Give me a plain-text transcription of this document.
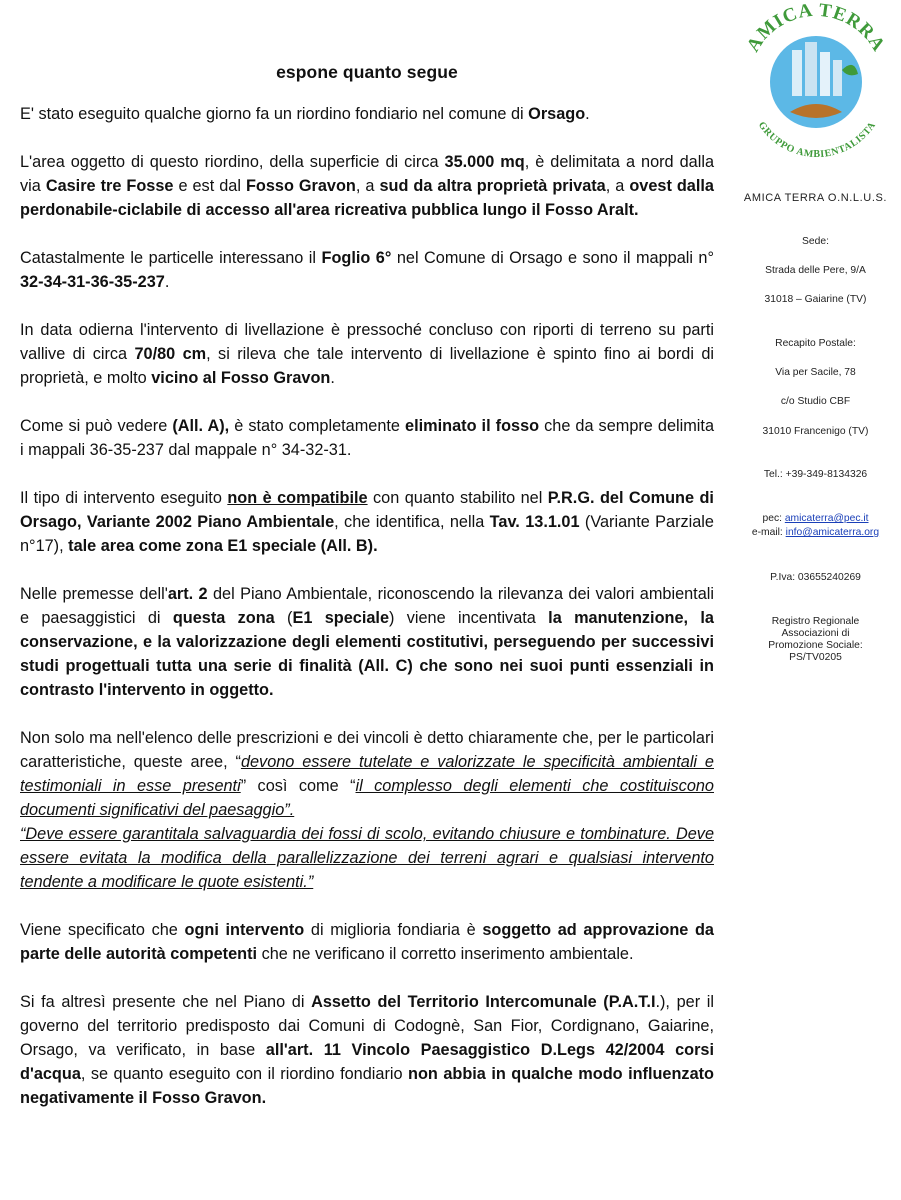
espone quanto segue

E' stato eseguito qualche giorno fa un riordino fondiario nel comune di Orsago.

L'area oggetto di questo riordino, della superficie di circa 35.000 mq, è delimitata a nord dalla via Casire tre Fosse e est dal Fosso Gravon, a sud da altra proprietà privata, a ovest dalla perdonabile-ciclabile di accesso all'area ricreativa pubblica lungo il Fosso Aralt.

Catastalmente le particelle interessano il Foglio 6° nel Comune di Orsago e sono il mappali n° 32-34-31-36-35-237.

In data odierna l'intervento di livellazione è pressoché concluso con riporti di terreno su parti vallive di circa 70/80 cm, si rileva che tale intervento di livellazione è spinto fino ai bordi di proprietà, e molto vicino al Fosso Gravon.

Come si può vedere (All. A), è stato completamente eliminato il fosso che da sempre delimita i mappali 36-35-237 dal mappale n° 34-32-31.

Il tipo di intervento eseguito non è compatibile con quanto stabilito nel P.R.G. del Comune di Orsago, Variante 2002 Piano Ambientale, che identifica, nella Tav. 13.1.01 (Variante Parziale n°17), tale area come zona E1 speciale (All. B).

Nelle premesse dell'art. 2 del Piano Ambientale, riconoscendo la rilevanza dei valori ambientali e paesaggistici di questa zona (E1 speciale) viene incentivata la manutenzione, la conservazione, e la valorizzazione degli elementi costitutivi, perseguendo per successivi studi progettuali tutta una serie di finalità (All. C) che sono nei suoi punti essenziali in contrasto l'intervento in oggetto.

Non solo ma nell'elenco delle prescrizioni e dei vincoli è detto chiaramente che, per le particolari caratteristiche, queste aree, “devono essere tutelate e valorizzate le specificità ambientali e testimoniali in esse presenti” così come “il complesso degli elementi che costituiscono documenti significativi del paesaggio”.

“Deve essere garantitala salvaguardia dei fossi di scolo, evitando chiusure e tombinature. Deve essere evitata la modifica della parallelizzazione dei terreni agrari e qualsiasi intervento tendente a modificare le quote esistenti.”

Viene specificato che ogni intervento di miglioria fondiaria è soggetto ad approvazione da parte delle autorità competenti che ne verificano il corretto inserimento ambientale.

Si fa altresì presente che nel Piano di Assetto del Territorio Intercomunale (P.A.T.I.), per il governo del territorio predisposto dai Comuni di Codognè, San Fior, Cordignano, Gaiarine, Orsago, va verificato, in base all'art. 11 Vincolo Paesaggistico D.Legs 42/2004 corsi d'acqua, se quanto eseguito con il riordino fondiario non abbia in qualche modo influenzato negativamente il Fosso Gravon.

AMICA TERRA
GRUPPO AMBIENTALISTA
AMICA TERRA O.N.L.U.S.
Sede:
Strada delle Pere, 9/A
31018 – Gaiarine (TV)
Recapito Postale:
Via per Sacile, 78
c/o Studio CBF
31010 Francenigo (TV)
Tel.: +39-349-8134326
pec: amicaterra@pec.it
e-mail: info@amicaterra.org
P.Iva: 03655240269
Registro Regionale
Associazioni di
Promozione Sociale:
PS/TV0205
